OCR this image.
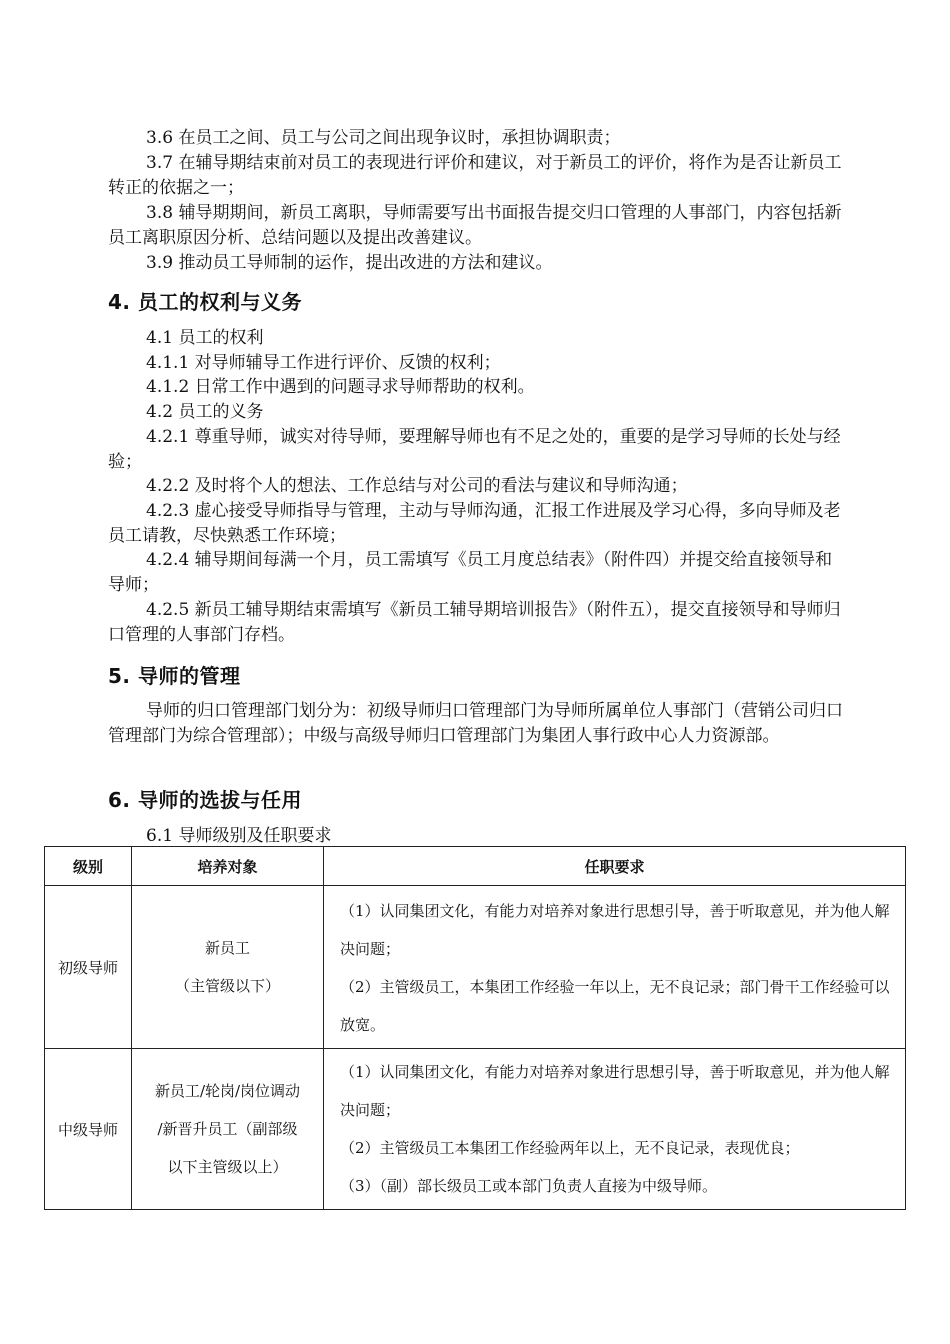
3.6 在员工之间、员工与公司之间出现争议时，承担协调职责；

3.7 在辅导期结束前对员工的表现进行评价和建议，对于新员工的评价，将作为是否让新员工转正的依据之一；

3.8 辅导期期间，新员工离职，导师需要写出书面报告提交归口管理的人事部门，内容包括新员工离职原因分析、总结问题以及提出改善建议。

3.9 推动员工导师制的运作，提出改进的方法和建议。

4. 员工的权利与义务

4.1 员工的权利

4.1.1 对导师辅导工作进行评价、反馈的权利；

4.1.2 日常工作中遇到的问题寻求导师帮助的权利。

4.2 员工的义务

4.2.1 尊重导师，诚实对待导师，要理解导师也有不足之处的，重要的是学习导师的长处与经验；

4.2.2 及时将个人的想法、工作总结与对公司的看法与建议和导师沟通；

4.2.3 虚心接受导师指导与管理，主动与导师沟通，汇报工作进展及学习心得，多向导师及老员工请教，尽快熟悉工作环境；

4.2.4 辅导期间每满一个月，员工需填写《员工月度总结表》（附件四）并提交给直接领导和导师；

4.2.5 新员工辅导期结束需填写《新员工辅导期培训报告》（附件五），提交直接领导和导师归口管理的人事部门存档。

5. 导师的管理

导师的归口管理部门划分为：初级导师归口管理部门为导师所属单位人事部门（营销公司归口管理部门为综合管理部）；中级与高级导师归口管理部门为集团人事行政中心人力资源部。

6. 导师的选拔与任用

6.1 导师级别及任职要求

级别	培养对象	任职要求
初级导师	新员工
（主管级以下）	（1）认同集团文化，有能力对培养对象进行思想引导，善于听取意见，并为他人解决问题；
（2）主管级员工，本集团工作经验一年以上，无不良记录；部门骨干工作经验可以放宽。

中级导师	新员工/轮岗/岗位调动
/新晋升员工（副部级
以下主管级以上）	（1）认同集团文化，有能力对培养对象进行思想引导，善于听取意见，并为他人解决问题；
（2）主管级员工本集团工作经验两年以上，无不良记录，表现优良；
（3）（副）部长级员工或本部门负责人直接为中级导师。
